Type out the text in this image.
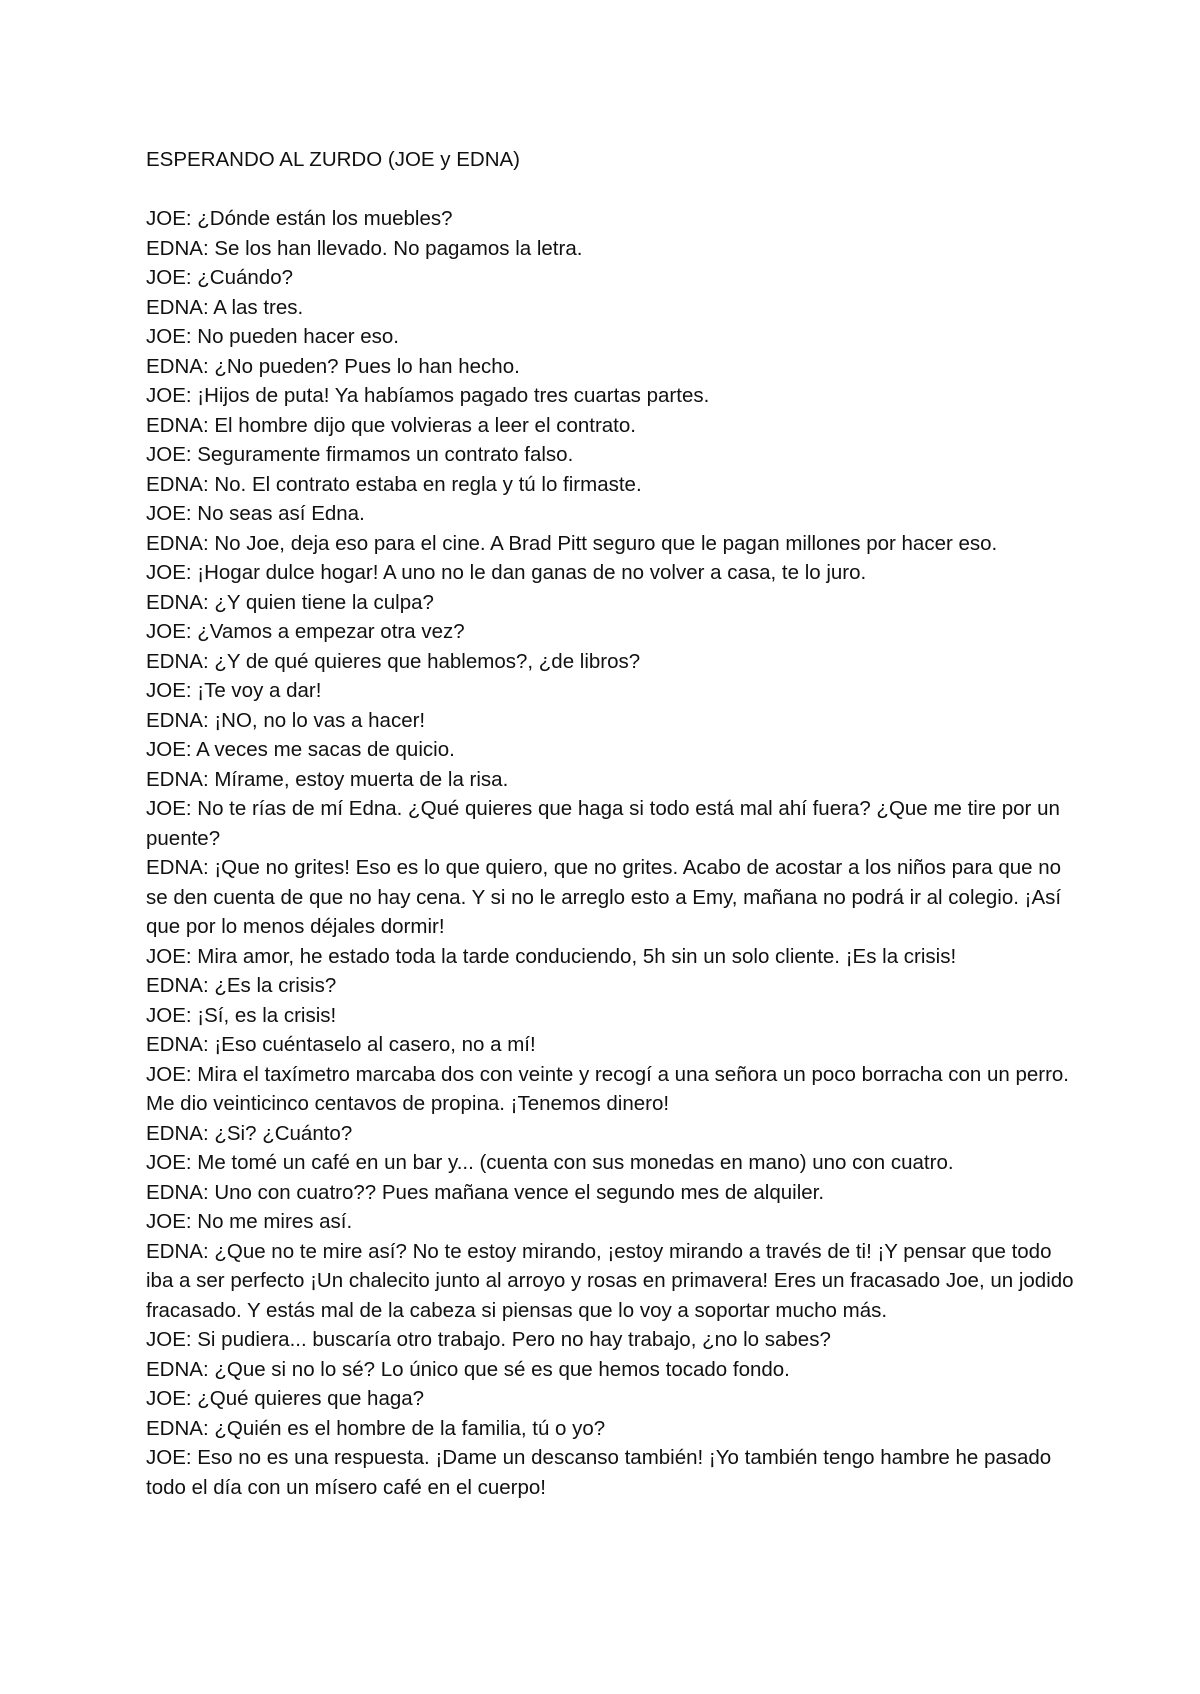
ESPERANDO AL ZURDO (JOE y EDNA)

JOE: ¿Dónde están los muebles?

EDNA: Se los han llevado. No pagamos la letra.

JOE: ¿Cuándo?

EDNA: A las tres.

JOE: No pueden hacer eso.

EDNA: ¿No pueden? Pues lo han hecho.

JOE: ¡Hijos de puta! Ya habíamos pagado tres cuartas partes.

EDNA: El hombre dijo que volvieras a leer el contrato.

JOE: Seguramente firmamos un contrato falso.

EDNA: No. El contrato estaba en regla y tú lo firmaste.

JOE: No seas así Edna.

EDNA: No Joe, deja eso para el cine. A Brad Pitt seguro que le pagan millones por hacer eso.

JOE: ¡Hogar dulce hogar! A uno no le dan ganas de no volver a casa, te lo juro.

EDNA: ¿Y quien tiene la culpa?

JOE: ¿Vamos a empezar otra vez?

EDNA: ¿Y de qué quieres que hablemos?, ¿de libros?

JOE: ¡Te voy a dar!

EDNA: ¡NO, no lo vas a hacer!

JOE: A veces me sacas de quicio.

EDNA: Mírame, estoy muerta de la risa.

JOE: No te rías de mí Edna. ¿Qué quieres que haga si todo está mal ahí fuera? ¿Que me tire por un puente?

EDNA: ¡Que no grites! Eso es lo que quiero, que no grites. Acabo de acostar a los niños para que no se den cuenta de que no hay cena. Y si no le arreglo esto a Emy, mañana no podrá ir al colegio. ¡Así que por lo menos déjales dormir!

JOE: Mira amor, he estado toda la tarde conduciendo, 5h sin un solo cliente. ¡Es la crisis!

EDNA: ¿Es la crisis?

JOE: ¡Sí, es la crisis!

EDNA: ¡Eso cuéntaselo al casero, no a mí!

JOE: Mira el taxímetro marcaba dos con veinte y recogí a una señora un poco borracha con un perro. Me dio veinticinco centavos de propina. ¡Tenemos dinero!

EDNA: ¿Si? ¿Cuánto?

JOE: Me tomé un café en un bar y... (cuenta con sus monedas en mano) uno con cuatro.

EDNA: Uno con cuatro?? Pues mañana vence el segundo mes de alquiler.

JOE: No me mires así.

EDNA: ¿Que no te mire así? No te estoy mirando, ¡estoy mirando a través de ti! ¡Y pensar que todo iba a ser perfecto ¡Un chalecito junto al arroyo y rosas en primavera! Eres un fracasado Joe, un jodido fracasado. Y estás mal de la cabeza si piensas que lo voy a soportar mucho más.

JOE: Si pudiera... buscaría otro trabajo. Pero no hay trabajo, ¿no lo sabes?

EDNA: ¿Que si no lo sé? Lo único que sé es que hemos tocado fondo.

JOE: ¿Qué quieres que haga?

EDNA: ¿Quién es el hombre de la familia, tú o yo?

JOE: Eso no es una respuesta. ¡Dame un descanso también! ¡Yo también tengo hambre he pasado todo el día con un mísero café en el cuerpo!
